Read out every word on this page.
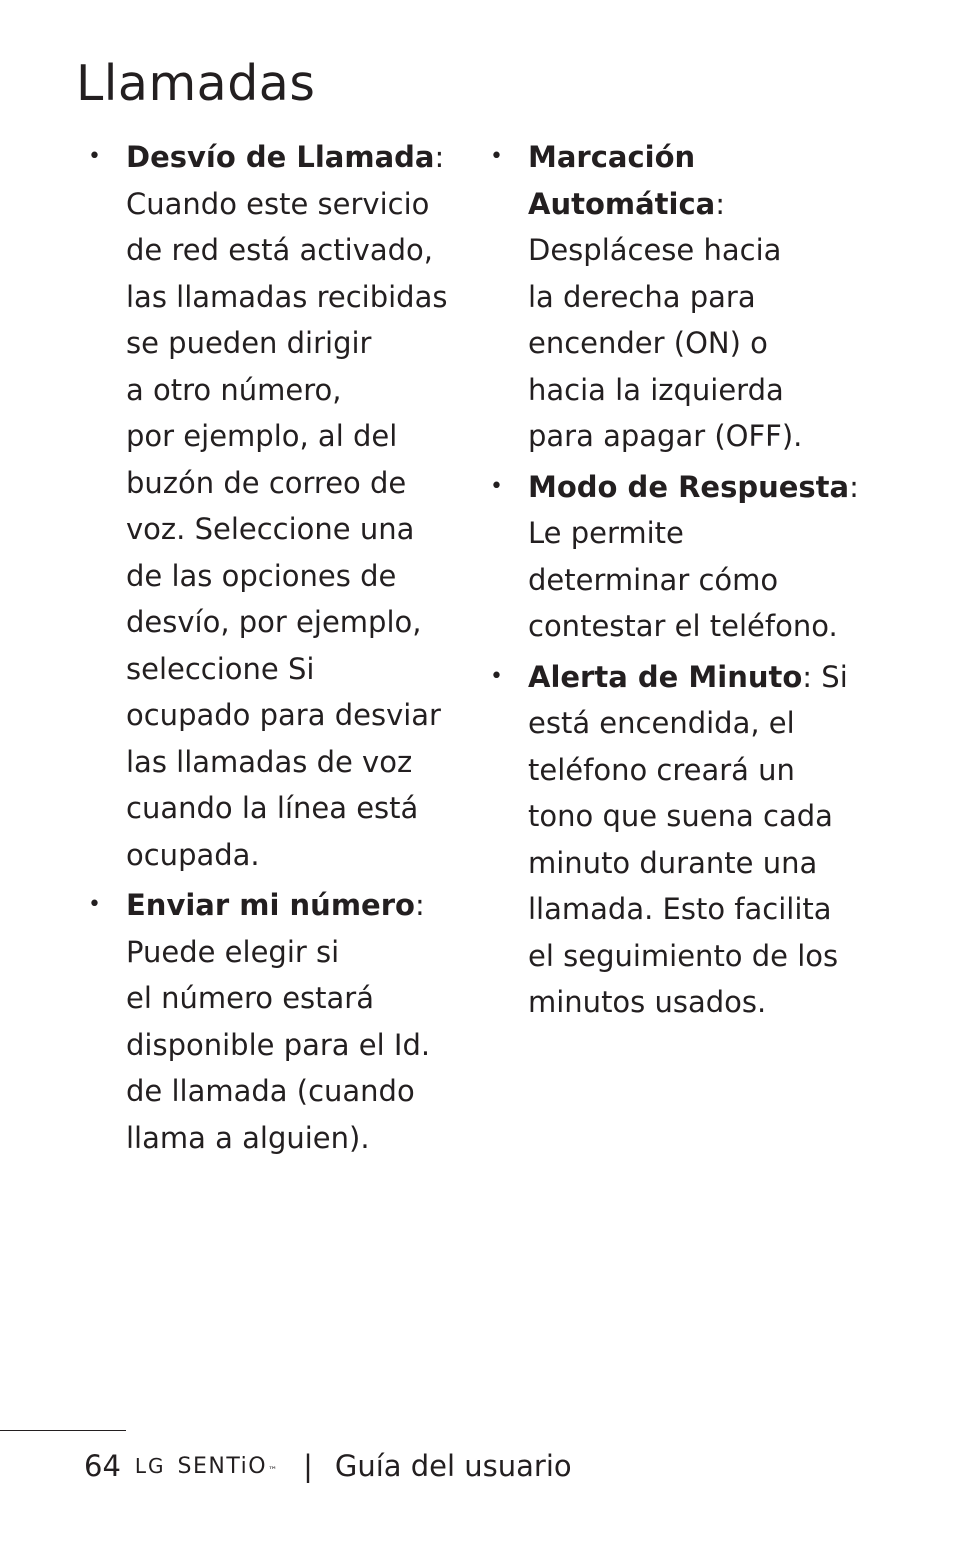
Llamadas
• Desvío de Llamada:
Cuando este servicio
de red está activado,
las llamadas recibidas
se pueden dirigir
a otro número,
por ejemplo, al del
buzón de correo de
voz. Seleccione una
de las opciones de
desvío, por ejemplo,
seleccione Si
ocupado para desviar
las llamadas de voz
cuando la línea está
ocupada.
• Enviar mi número:
Puede elegir si
el número estará
disponible para el Id.
de llamada (cuando
llama a alguien).
• Marcación
Automática:
Desplácese hacia
la derecha para
encender (ON) o
hacia la izquierda
para apagar (OFF).
• Modo de Respuesta:
Le permite
determinar cómo
contestar el teléfono.
• Alerta de Minuto: Si
está encendida, el
teléfono creará un
tono que suena cada
minuto durante una
llamada. Esto facilita
el seguimiento de los
minutos usados.
64 LG SENTiO ™ | Guía del usuario
